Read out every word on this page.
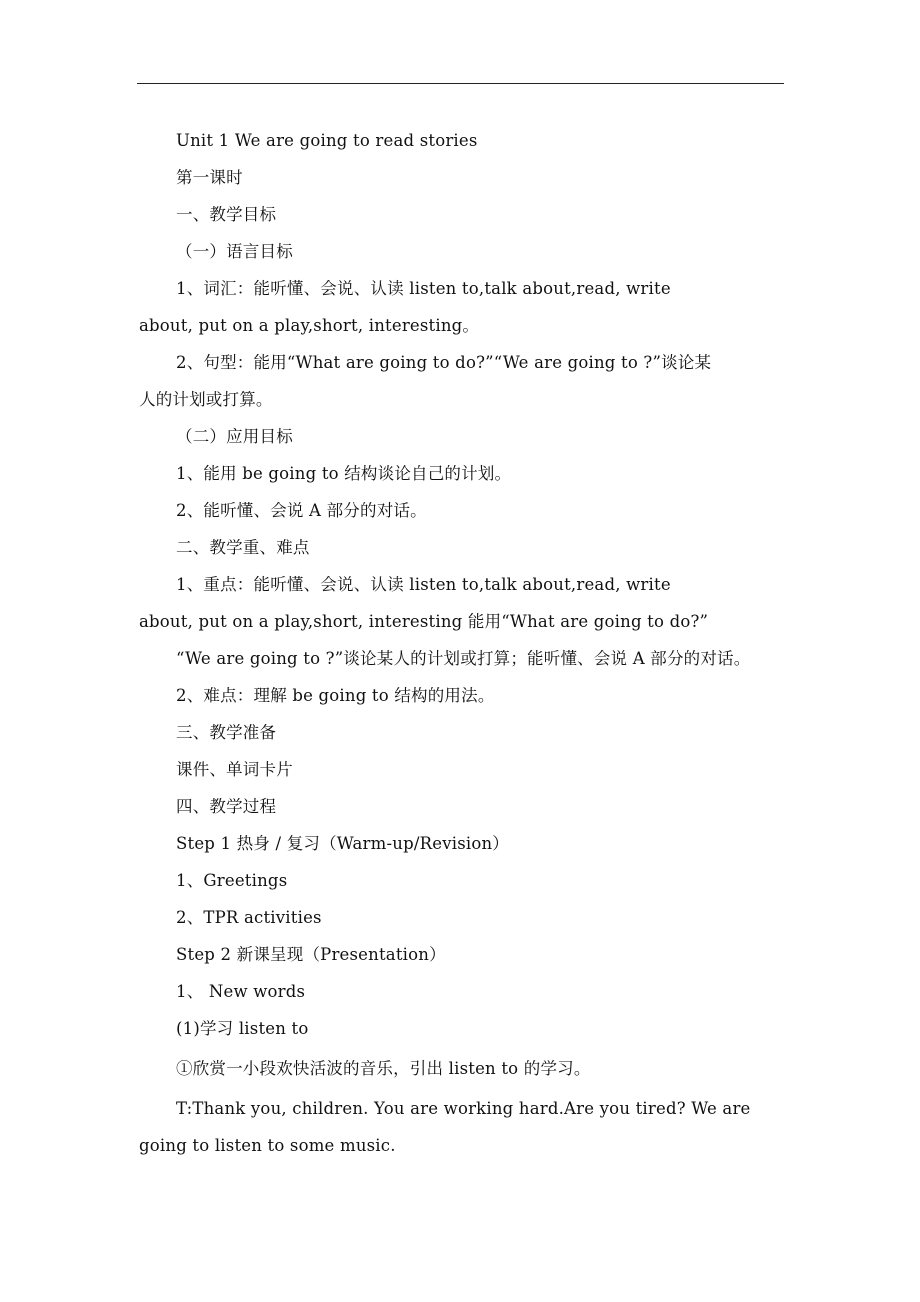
Unit 1 We are going to read stories
第一课时
一、教学目标
（一）语言目标
1、词汇：能听懂、会说、认读 listen to,talk about,read, write
about, put on a play,short, interesting。
2、句型：能用“What are going to do?”“We are going to ?”谈论某
人的计划或打算。
（二）应用目标
1、能用 be going to 结构谈论自己的计划。
2、能听懂、会说 A 部分的对话。
二、教学重、难点
1、重点：能听懂、会说、认读 listen to,talk about,read, write
about, put on a play,short, interesting 能用“What are going to do?”
“We are going to ?”谈论某人的计划或打算；能听懂、会说 A 部分的对话。
2、难点：理解 be going to 结构的用法。
三、教学准备
课件、单词卡片
四、教学过程
Step 1 热身 / 复习（Warm-up/Revision）
1、Greetings
2、TPR activities
Step 2 新课呈现（Presentation）
1、 New words
(1)学习 listen to
①欣赏一小段欢快活波的音乐，引出 listen to 的学习。
T:Thank you, children. You are working hard.Are you tired? We are
going to listen to some music.
